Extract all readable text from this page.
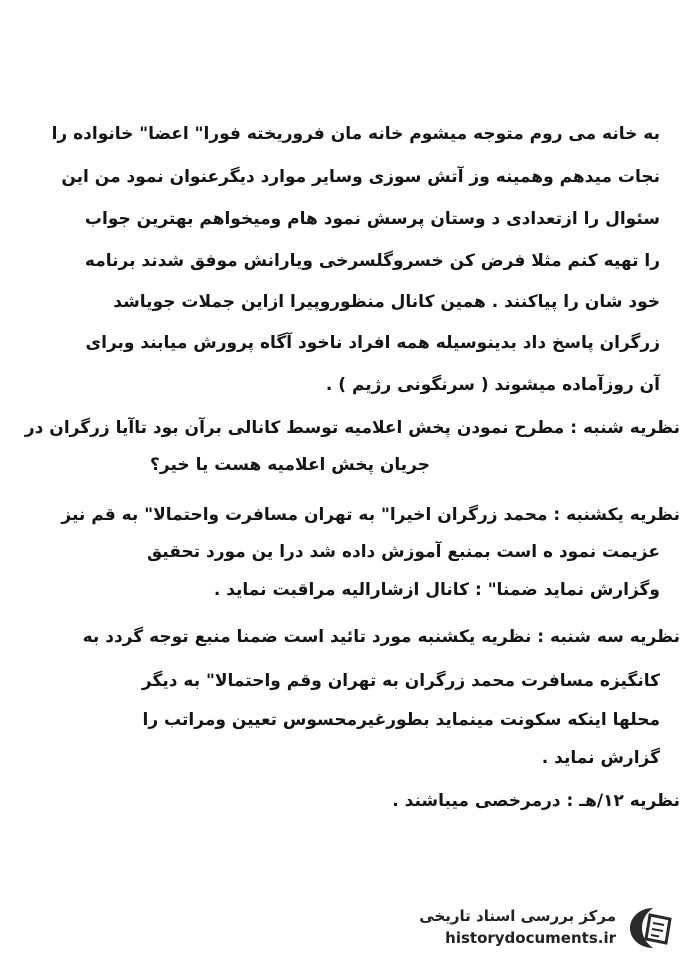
به خانه می روم متوجه میشوم خانه مان فروریخته فورا" اعضا" خانواده را
نجات میدهم وهمینه وز آتش سوزی وسایر موارد دیگرعنوان نمود من این
سئوال را ازتعدادی د وستان پرسش نمود هام ومیخواهم بهترین جواب
را تهیه کنم مثلا فرض کن خسروگلسرخی ویارانش موفق شدند برنامه
خود شان را پیاکنند . همین کانال منظوروپیرا ازاین جملات جویاشد
زرگران پاسخ داد بدینوسیله همه افراد ناخود آگاه پرورش میابند وبرای
آن روزآماده میشوند ( سرنگونی رژیم ) .
نظریه شنبه : مطرح نمودن پخش اعلامیه توسط کانالی برآن بود تاآیا زرگران در
جریان پخش اعلامیه هست یا خیر؟
نظریه یکشنبه : محمد زرگران اخیرا" به تهران مسافرت واحتمالا" به قم نیز
عزیمت نمود ه است بمنبع آموزش داده شد درا ین مورد تحقیق
وگزارش نماید ضمنا" : کانال ازشارالیه مراقبت نماید .
نظریه سه شنبه : نظریه یکشنبه مورد تائید است ضمنا منبع توجه گردد به
کانگیزه مسافرت محمد زرگران به تهران وقم واحتمالا" به دیگر
محلها اینکه سکونت مینماید بطورغیرمحسوس تعیین ومراتب را
گزارش نماید .
نظریه ۱۲/هـ : درمرخصی میباشند .
مرکز بررسی اسناد تاریخی
historydocuments.ir
